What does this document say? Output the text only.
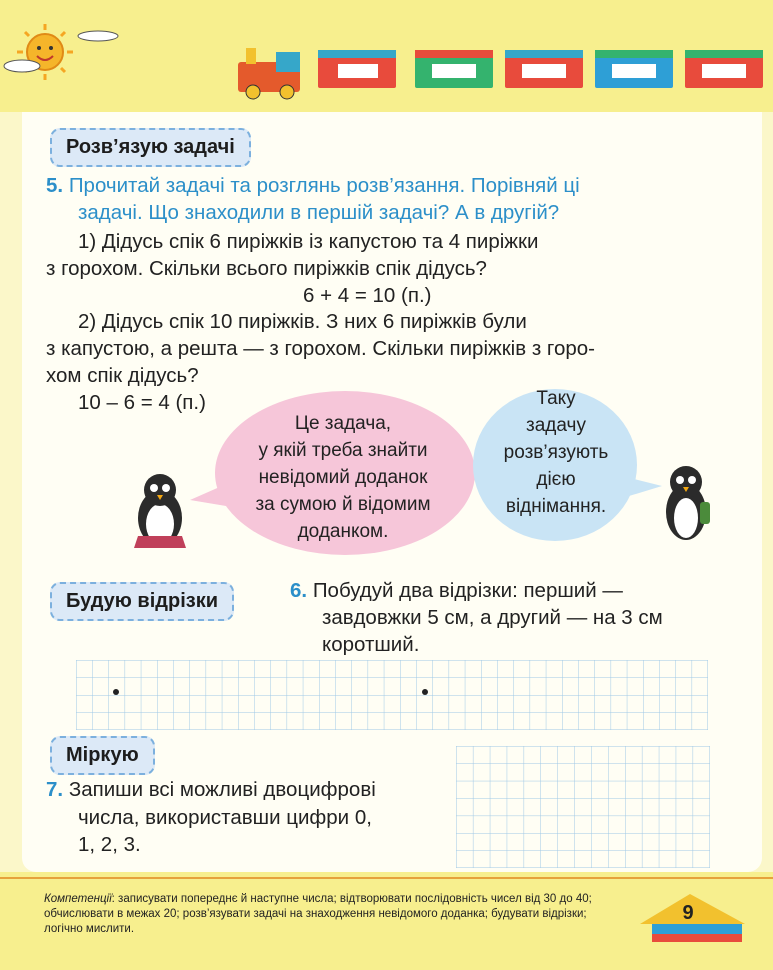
Розв’язую задачі
5. Прочитай задачі та розглянь розв’язання. Порівняй ці
задачі. Що знаходили в першій задачі? А в другій?
1) Дідусь спік 6 пиріжків із капустою та 4 пиріжки
з горохом. Скільки всього пиріжків спік дідусь?
6 + 4 = 10 (п.)
2) Дідусь спік 10 пиріжків. З них 6 пиріжків були
з капустою, а решта — з горохом. Скільки пиріжків з горо-
хом спік дідусь?
10 – 6 = 4 (п.)
Це задача,
у якій треба знайти
невідомий доданок
за сумою й відомим
доданком.
Таку
задачу
розв’язують
дією
віднімання.
Будую відрізки	6. Побудуй два відрізки: перший —
завдовжки 5 см, а другий — на 3 см
коротший.
Міркую
7. Запиши всі можливі двоцифрові
числа, використавши цифри 0,
1, 2, 3.
Компетенції: записувати попереднє й наступне числа; відтворювати послідовність чисел від 30 до 40; обчислювати в межах 20; розв’язувати задачі на знаходження невідомого доданка; будувати відрізки; логічно мислити.
9
